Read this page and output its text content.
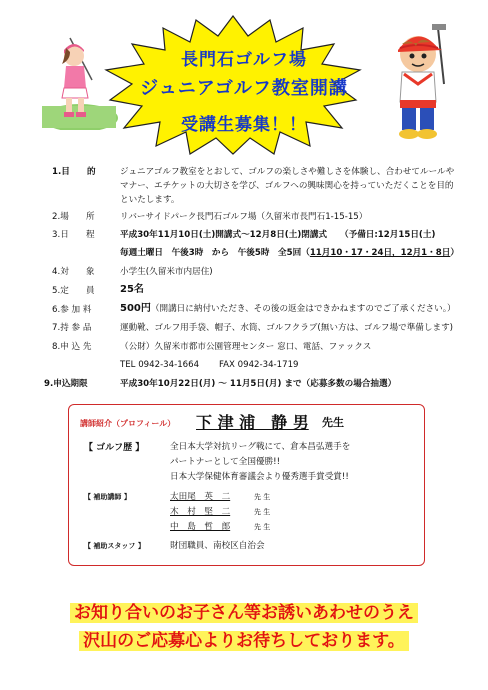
長門石ゴルフ場
ジュニアゴルフ教室開講
受講生募集！！
1.目　　的	ジュニアゴルフ教室をとおして、ゴルフの楽しさや難しさを体験し、合わせてルールや
マナー、エチケットの大切さを学び、ゴルフへの興味関心を持っていただくことを目的
といたします。
2.場　　所	リバーサイドパーク長門石ゴルフ場（久留米市長門石1-15-15）
3.日　　程	平成30年11月10日(土)開講式～12月8日(土)閉講式 （予備日:12月15日(土)
毎週土曜日　午後3時　から　午後5時　全5回（11月10・17・24日，12月1・8日）
4.対　　象	小学生(久留米市内居住)
5.定　　員	25名
6.参 加 料	500円（開講日に納付いただき、その後の返金はできかねますのでご了承ください。）
7.持 参 品	運動靴、ゴルフ用手袋、帽子、水筒、ゴルフクラブ(無い方は、ゴルフ場で準備します)
8.申 込 先	（公財）久留米市都市公園管理センター 窓口、電話、ファックス
TEL 0942-34-1664　　 FAX 0942-34-1719
9.申込期限	平成30年10月22日(月) ～ 11月5日(月) まで（応募多数の場合抽選）
講師紹介（プロフィール） 下 津 浦　静 男 先生
【 ゴルフ歴 】	全日本大学対抗リーグ戦にて、倉本昌弘選手を
パートナーとして全国優勝!!
日本大学保健体育審議会より優秀選手賞受賞!!
【 補助講師 】	太田尾　英　二	先 生
木　村　堅　二	先 生
中　島　哲　郎	先 生
【 補助スタッフ 】	財団職員、南校区自治会
お知り合いのお子さん等お誘いあわせのうえ
沢山のご応募心よりお待ちしております。
